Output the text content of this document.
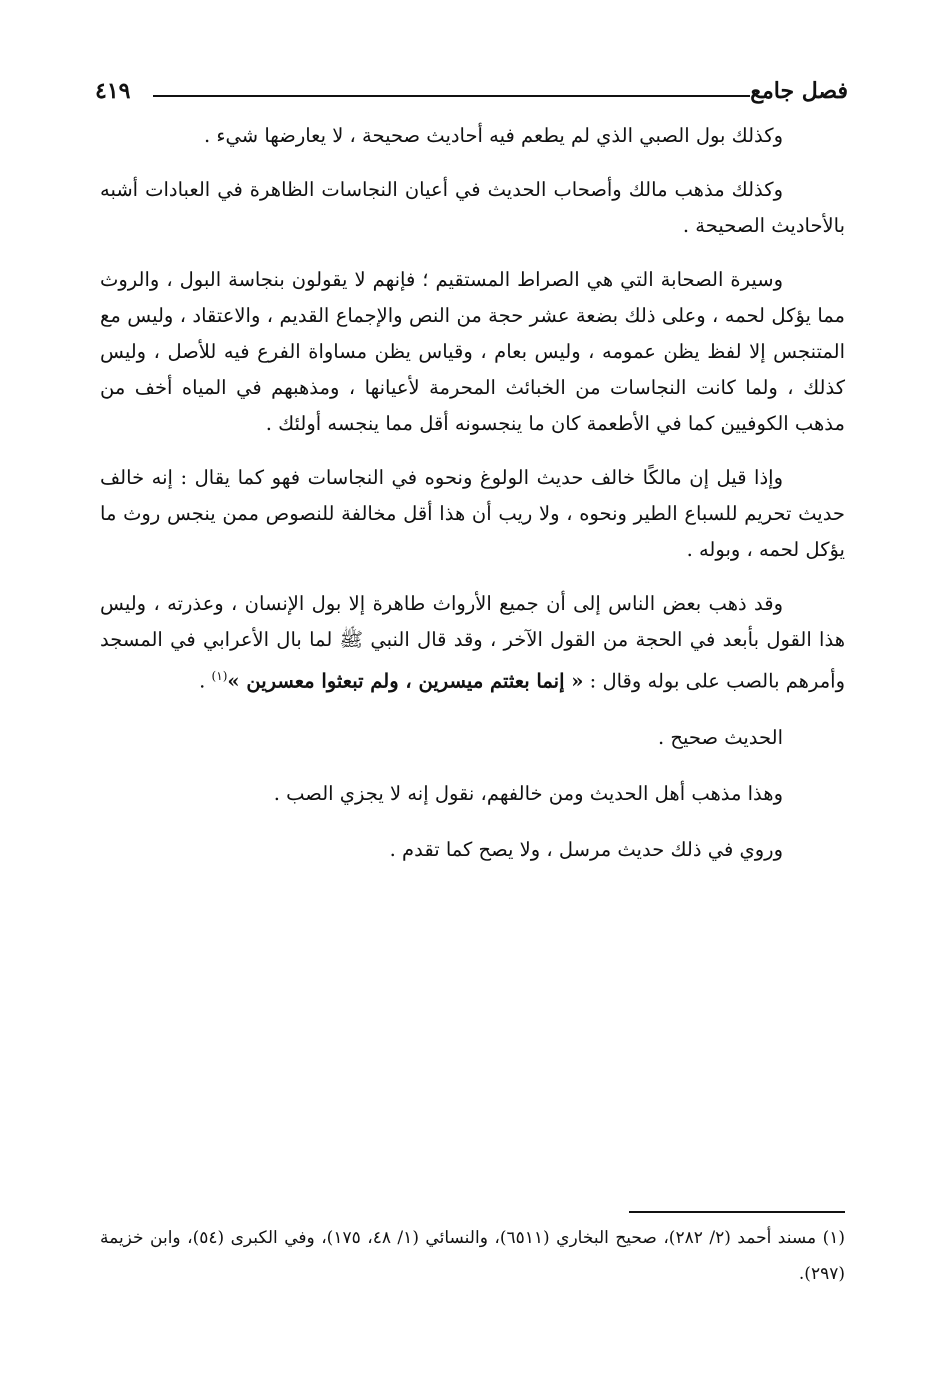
فصل جامع
٤١٩

وكذلك بول الصبي الذي لم يطعم فيه أحاديث صحيحة ، لا يعارضها شيء .

وكذلك مذهب مالك وأصحاب الحديث في أعيان النجاسات الظاهرة في العبادات أشبه بالأحاديث الصحيحة .

وسيرة الصحابة التي هي الصراط المستقيم ؛ فإنهم لا يقولون بنجاسة البول ، والروث مما يؤكل لحمه ، وعلى ذلك بضعة عشر حجة من النص والإجماع القديم ، والاعتقاد ، وليس مع المتنجس إلا لفظ يظن عمومه ، وليس بعام ، وقياس يظن مساواة الفرع فيه للأصل ، وليس كذلك ، ولما كانت النجاسات من الخبائث المحرمة لأعيانها ، ومذهبهم في المياه أخف من مذهب الكوفيين كما في الأطعمة كان ما ينجسونه أقل مما ينجسه أولئك .

وإذا قيل إن مالكًا خالف حديث الولوغ ونحوه في النجاسات فهو كما يقال : إنه خالف حديث تحريم للسباع الطير ونحوه ، ولا ريب أن هذا أقل مخالفة للنصوص ممن ينجس روث ما يؤكل لحمه ، وبوله .

وقد ذهب بعض الناس إلى أن جميع الأرواث طاهرة إلا بول الإنسان ، وعذرته ، وليس هذا القول بأبعد في الحجة من القول الآخر ، وقد قال النبي ﷺ لما بال الأعرابي في المسجد وأمرهم بالصب على بوله وقال : « إنما بعثتم ميسرين ، ولم تبعثوا معسرين »$^{(١)}$ .

الحديث صحيح .

وهذا مذهب أهل الحديث ومن خالفهم، نقول إنه لا يجزي الصب .

وروي في ذلك حديث مرسل ، ولا يصح كما تقدم .

(١) مسند أحمد (٢/ ٢٨٢)، صحيح البخاري (٦٥١١)، والنسائي (١/ ٤٨، ١٧٥)، وفي الكبرى (٥٤)، وابن خزيمة (٢٩٧).
